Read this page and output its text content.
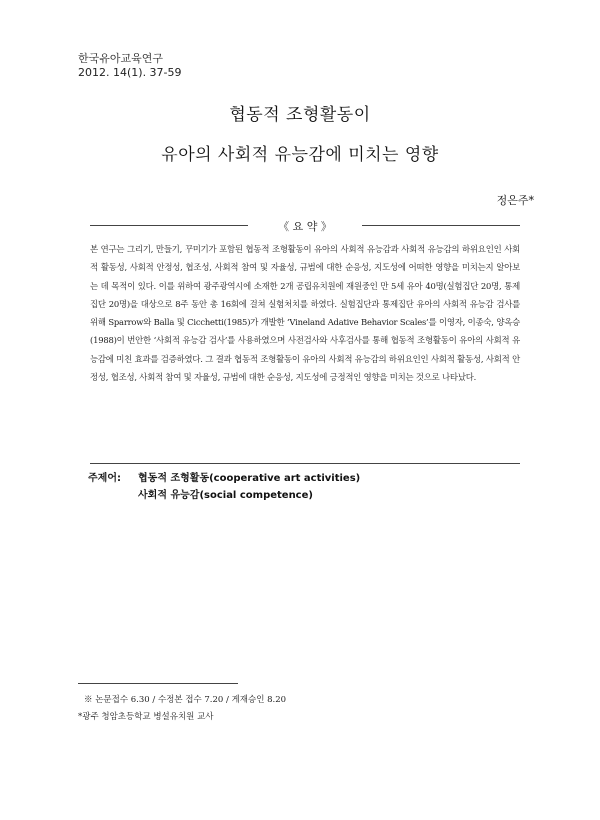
한국유아교육연구
2012. 14(1). 37-59
협동적 조형활동이
유아의 사회적 유능감에 미치는 영향
정은주*
《 요 약 》
본 연구는 그리기, 만들기, 꾸미기가 포함된 협동적 조형활동이 유아의 사회적 유능감과 사회적 유능감의 하위요인인 사회적 활동성, 사회적 안정성, 협조성, 사회적 참여 및 자율성, 규범에 대한 순응성, 지도성에 어떠한 영향을 미치는지 알아보는 데 목적이 있다. 이를 위하여 광주광역시에 소재한 2개 공립유치원에 재원중인 만 5세 유아 40명(실험집단 20명, 통제집단 20명)을 대상으로 8주 동안 총 16회에 걸쳐 실험처치를 하였다. 실험집단과 통제집단 유아의 사회적 유능감 검사를 위해 Sparrow와 Balla 및 Cicchetti(1985)가 개발한 ‘Vineland Adative Behavior Scales’를 이영자, 이종숙, 양옥승(1988)이 번안한 ‘사회적 유능감 검사’를 사용하였으며 사전검사와 사후검사를 통해 협동적 조형활동이 유아의 사회적 유능감에 미친 효과를 검증하였다. 그 결과 협동적 조형활동이 유아의 사회적 유능감의 하위요인인 사회적 활동성, 사회적 안정성, 협조성, 사회적 참여 및 자율성, 규범에 대한 순응성, 지도성에 긍정적인 영향을 미치는 것으로 나타났다.
주제어: 협동적 조형활동(cooperative art activities)
사회적 유능감(social competence)
※ 논문접수 6.30 / 수정본 접수 7.20 / 게재승인 8.20
*광주 청암초등학교 병설유치원 교사
